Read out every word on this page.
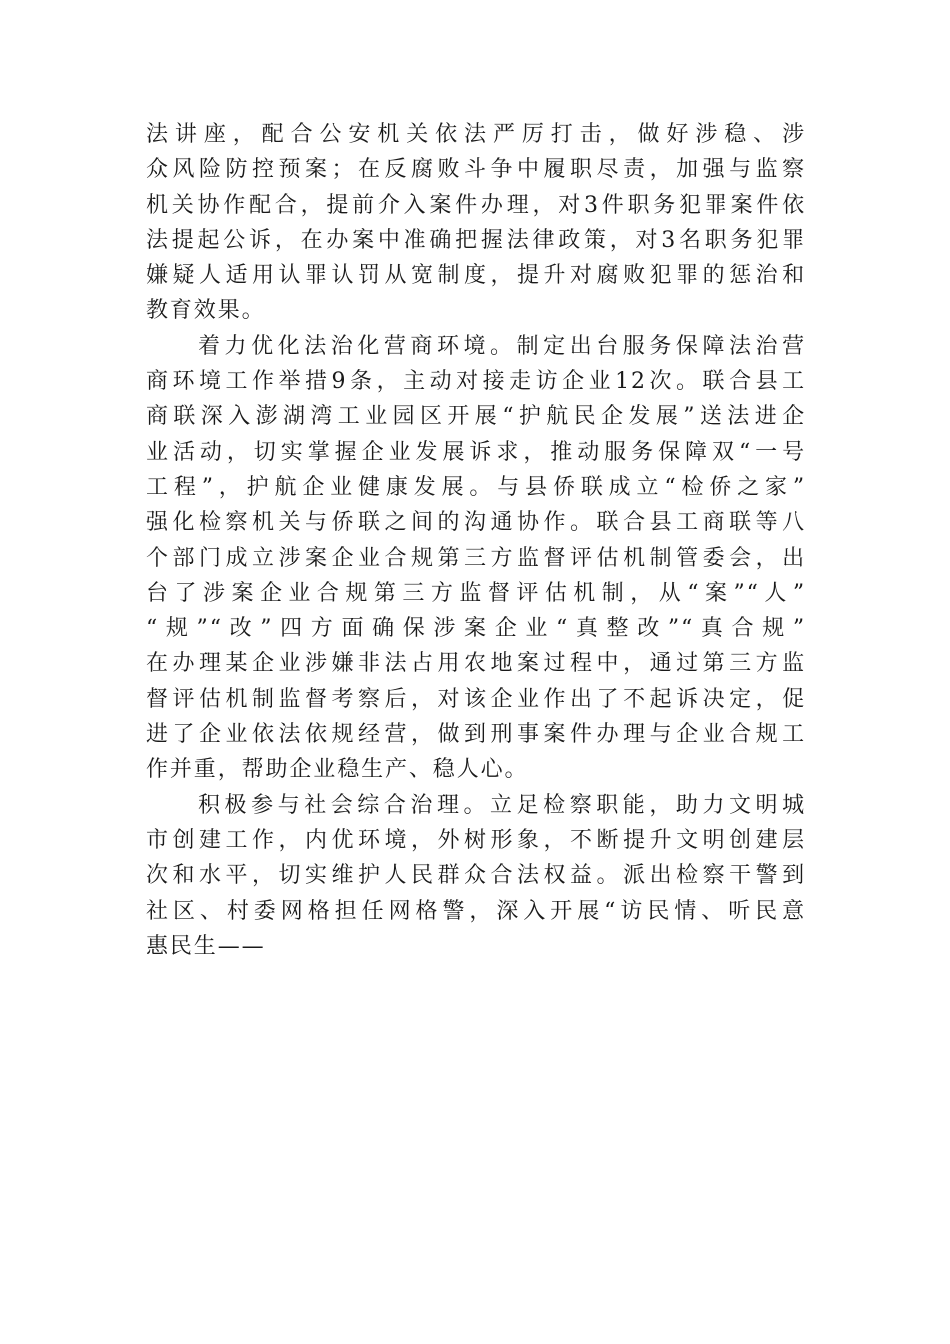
法讲座，配合公安机关依法严厉打击，做好涉稳、涉
众风险防控预案；在反腐败斗争中履职尽责，加强与监察
机关协作配合，提前介入案件办理，对3件职务犯罪案件依
法提起公诉，在办案中准确把握法律政策，对3名职务犯罪
嫌疑人适用认罪认罚从宽制度，提升对腐败犯罪的惩治和
教育效果。
着力优化法治化营商环境。制定出台服务保障法治营
商环境工作举措9条，主动对接走访企业12次。联合县工
商联深入澎湖湾工业园区开展“护航民企发展”送法进企
业活动，切实掌握企业发展诉求，推动服务保障双“一号
工程”，护航企业健康发展。与县侨联成立“检侨之家”
强化检察机关与侨联之间的沟通协作。联合县工商联等八
个部门成立涉案企业合规第三方监督评估机制管委会，出
台了涉案企业合规第三方监督评估机制，从“案”“人”
“规”“改”四方面确保涉案企业“真整改”“真合规”
在办理某企业涉嫌非法占用农地案过程中，通过第三方监
督评估机制监督考察后，对该企业作出了不起诉决定，促
进了企业依法依规经营，做到刑事案件办理与企业合规工
作并重，帮助企业稳生产、稳人心。
积极参与社会综合治理。立足检察职能，助力文明城
市创建工作，内优环境，外树形象，不断提升文明创建层
次和水平，切实维护人民群众合法权益。派出检察干警到
社区、村委网格担任网格警，深入开展“访民情、听民意
惠民生——
